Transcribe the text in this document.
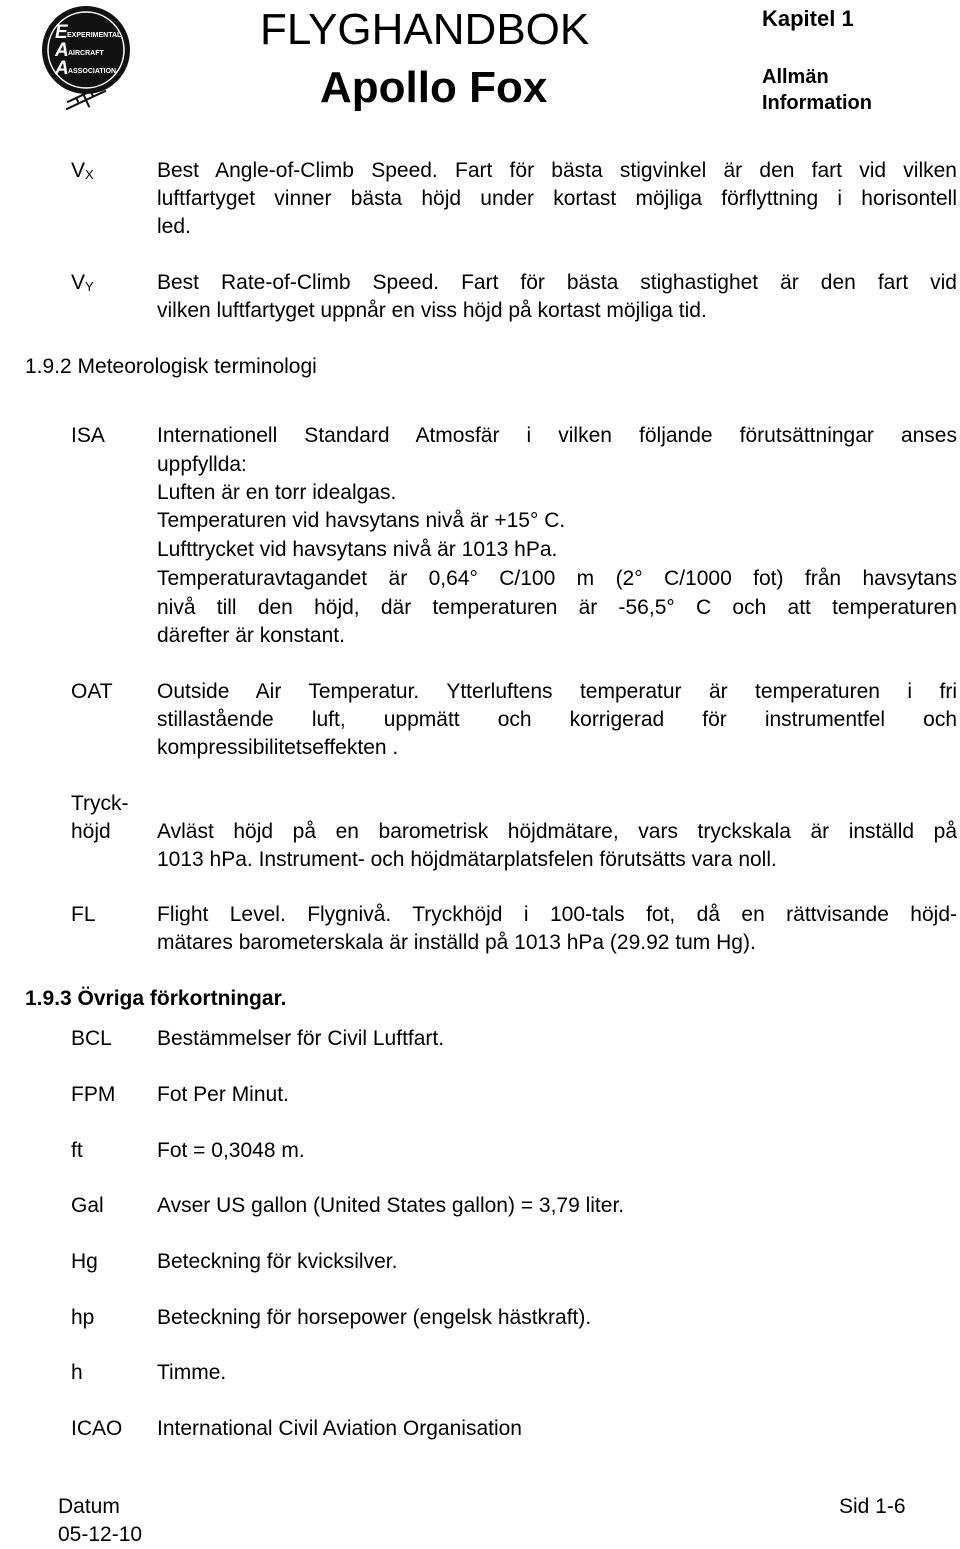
E EXPERIMENTAL
A AIRCRAFT
A ASSOCIATION
FLYGHANDBOK
Apollo Fox
Kapitel 1
Allmän
Information
$V_X$	Best Angle-of-Climb Speed. Fart för bästa stigvinkel är den fart vid vilken
luftfartyget vinner bästa höjd under kortast möjliga förflyttning i horisontell
led.
$V_Y$	Best Rate-of-Climb Speed. Fart för bästa stighastighet är den fart vid
vilken luftfartyget uppnår en viss höjd på kortast möjliga tid.
1.9.2 Meteorologisk terminologi
ISA Internationell Standard Atmosfär i vilken följande förutsättningar anses
uppfyllda:
Luften är en torr idealgas.
Temperaturen vid havsytans nivå är +15° C.
Lufttrycket vid havsytans nivå är 1013 hPa.
Temperaturavtagandet är 0,64° C/100 m (2° C/1000 fot) från havsytans
nivå till den höjd, där temperaturen är -56,5° C och att temperaturen
därefter är konstant.
OAT Outside Air Temperatur. Ytterluftens temperatur är temperaturen i fri
stillastående luft, uppmätt och korrigerad för instrumentfel och
kompressibilitetseffekten .
Tryck-
höjd Avläst höjd på en barometrisk höjdmätare, vars tryckskala är inställd på
1013 hPa. Instrument- och höjdmätarplatsfelen förutsätts vara noll.
FL	Flight Level. Flygnivå. Tryckhöjd i 100-tals fot, då en rättvisande höjd-
mätares barometerskala är inställd på 1013 hPa (29.92 tum Hg).
1.9.3 Övriga förkortningar.
BCL Bestämmelser för Civil Luftfart.
FPM Fot Per Minut.
ft	Fot = 0,3048 m.
Gal	Avser US gallon (United States gallon) = 3,79 liter.
Hg	Beteckning för kvicksilver.
hp	Beteckning för horsepower (engelsk hästkraft).
h	Timme.
ICAO International Civil Aviation Organisation
Datum
05-12-10
Sid 1-6
